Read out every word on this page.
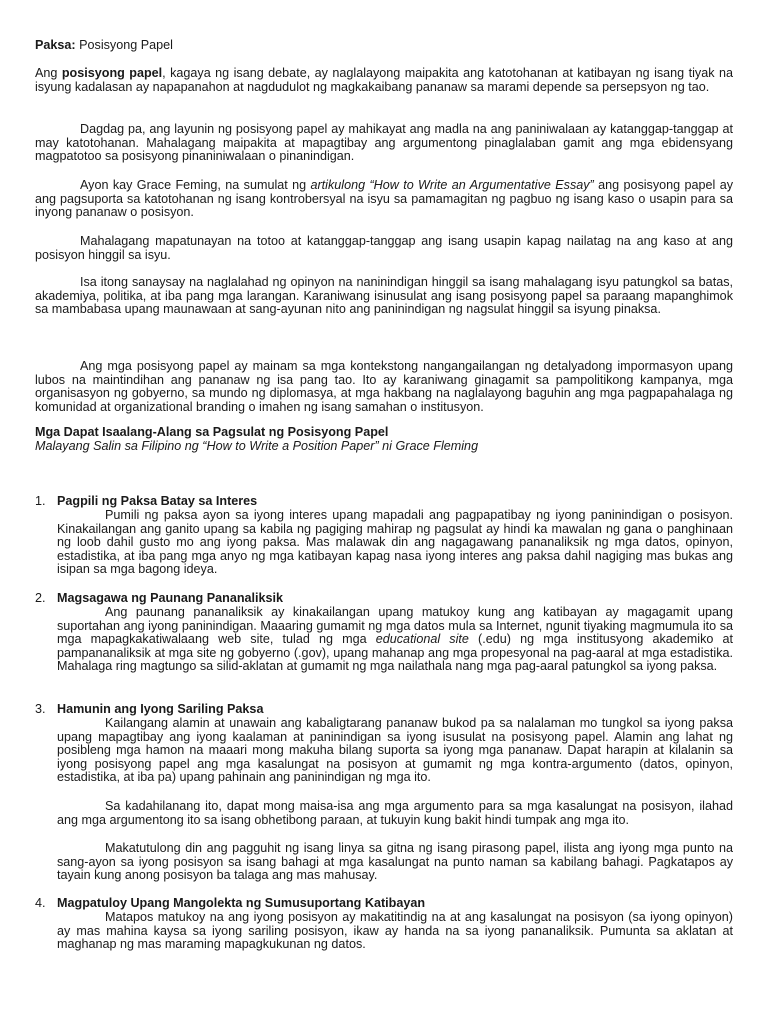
Paksa: Posisyong Papel

Ang posisyong papel, kagaya ng isang debate, ay naglalayong maipakita ang katotohanan at katibayan ng isang tiyak na isyung kadalasan ay napapanahon at nagdudulot ng magkakaibang pananaw sa marami depende sa persepsyon ng tao.

Dagdag pa, ang layunin ng posisyong papel ay mahikayat ang madla na ang paniniwalaan ay katanggap-tanggap at may katotohanan. Mahalagang maipakita at mapagtibay ang argumentong pinaglalaban gamit ang mga ebidensyang magpatotoo sa posisyong pinaniniwalaan o pinanindigan.

Ayon kay Grace Feming, na sumulat ng artikulong “How to Write an Argumentative Essay” ang posisyong papel ay ang pagsuporta sa katotohanan ng isang kontrobersyal na isyu sa pamamagitan ng pagbuo ng isang kaso o usapin para sa inyong pananaw o posisyon.

Mahalagang mapatunayan na totoo at katanggap-tanggap ang isang usapin kapag nailatag na ang kaso at ang posisyon hinggil sa isyu.

Isa itong sanaysay na naglalahad ng opinyon na naninindigan hinggil sa isang mahalagang isyu patungkol sa batas, akademiya, politika, at iba pang mga larangan. Karaniwang isinusulat ang isang posisyong papel sa paraang mapanghimok sa mambabasa upang maunawaan at sang-ayunan nito ang paninindigan ng nagsulat hinggil sa isyung pinaksa.

Ang mga posisyong papel ay mainam sa mga kontekstong nangangailangan ng detalyadong impormasyon upang lubos na maintindihan ang pananaw ng isa pang tao. Ito ay karaniwang ginagamit sa pampolitikong kampanya, mga organisasyon ng gobyerno, sa mundo ng diplomasya, at mga hakbang na naglalayong baguhin ang mga pagpapahalaga ng komunidad at organizational branding o imahen ng isang samahan o institusyon.

Mga Dapat Isaalang-Alang sa Pagsulat ng Posisyong Papel

Malayang Salin sa Filipino ng “How to Write a Position Paper” ni Grace Fleming

1. Pagpili ng Paksa Batay sa Interes

Pumili ng paksa ayon sa iyong interes upang mapadali ang pagpapatibay ng iyong paninindigan o posisyon. Kinakailangan ang ganito upang sa kabila ng pagiging mahirap ng pagsulat ay hindi ka mawalan ng gana o panghinaan ng loob dahil gusto mo ang iyong paksa. Mas malawak din ang nagagawang pananaliksik ng mga datos, opinyon, estadistika, at iba pang mga anyo ng mga katibayan kapag nasa iyong interes ang paksa dahil nagiging mas bukas ang isipan sa mga bagong ideya.

2. Magsagawa ng Paunang Pananaliksik

Ang paunang pananaliksik ay kinakailangan upang matukoy kung ang katibayan ay magagamit upang suportahan ang iyong paninindigan. Maaaring gumamit ng mga datos mula sa Internet, ngunit tiyaking magmumula ito sa mga mapagkakatiwalaang web site, tulad ng mga educational site (.edu) ng mga institusyong akademiko at pampananaliksik at mga site ng gobyerno (.gov), upang mahanap ang mga propesyonal na pag-aaral at mga estadistika. Mahalaga ring magtungo sa silid-aklatan at gumamit ng mga nailathala nang mga pag-aaral patungkol sa iyong paksa.

3. Hamunin ang Iyong Sariling Paksa

Kailangang alamin at unawain ang kabaligtarang pananaw bukod pa sa nalalaman mo tungkol sa iyong paksa upang mapagtibay ang iyong kaalaman at paninindigan sa iyong isusulat na posisyong papel. Alamin ang lahat ng posibleng mga hamon na maaari mong makuha bilang suporta sa iyong mga pananaw. Dapat harapin at kilalanin sa iyong posisyong papel ang mga kasalungat na posisyon at gumamit ng mga kontra-argumento (datos, opinyon, estadistika, at iba pa) upang pahinain ang paninindigan ng mga ito.

Sa kadahilanang ito, dapat mong maisa-isa ang mga argumento para sa mga kasalungat na posisyon, ilahad ang mga argumentong ito sa isang obhetibong paraan, at tukuyin kung bakit hindi tumpak ang mga ito.

Makatutulong din ang pagguhit ng isang linya sa gitna ng isang pirasong papel, ilista ang iyong mga punto na sang-ayon sa iyong posisyon sa isang bahagi at mga kasalungat na punto naman sa kabilang bahagi. Pagkatapos ay tayain kung anong posisyon ba talaga ang mas mahusay.

4. Magpatuloy Upang Mangolekta ng Sumusuportang Katibayan

Matapos matukoy na ang iyong posisyon ay makatitindig na at ang kasalungat na posisyon (sa iyong opinyon) ay mas mahina kaysa sa iyong sariling posisyon, ikaw ay handa na sa iyong pananaliksik. Pumunta sa aklatan at maghanap ng mas maraming mapagkukunan ng datos.
